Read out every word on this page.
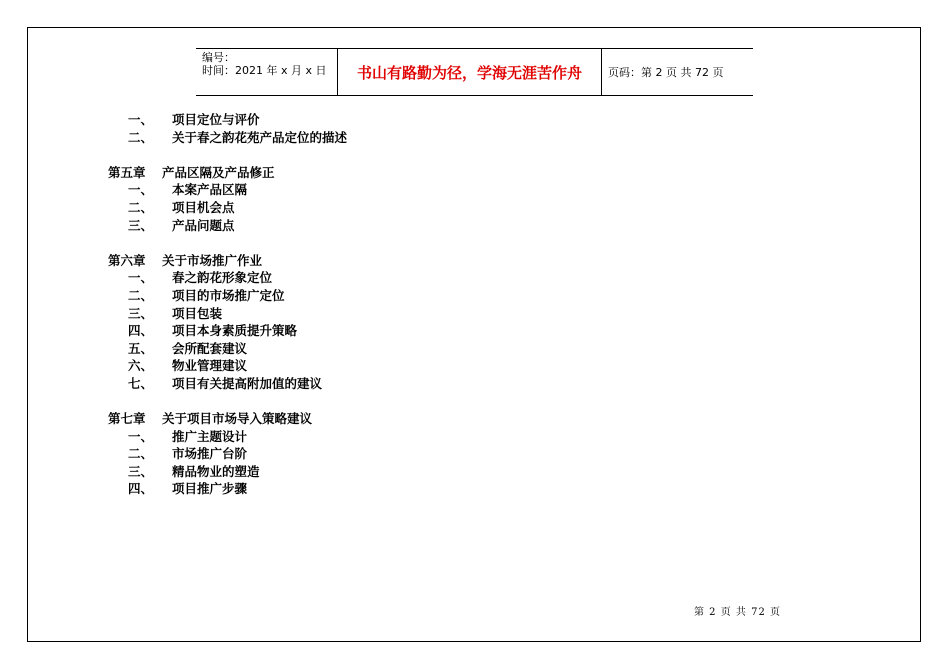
编号：
时间：2021 年 x 月 x 日	书山有路勤为径，学海无涯苦作舟	页码：第 2 页 共 72 页
一、 项目定位与评价
二、 关于春之韵花苑产品定位的描述
第五章 产品区隔及产品修正
一、 本案产品区隔
二、 项目机会点
三、 产品问题点
第六章 关于市场推广作业
一、 春之韵花形象定位
二、 项目的市场推广定位
三、 项目包装
四、 项目本身素质提升策略
五、 会所配套建议
六、 物业管理建议
七、 项目有关提高附加值的建议
第七章 关于项目市场导入策略建议
一、 推广主题设计
二、 市场推广台阶
三、 精品物业的塑造
四、 项目推广步骤
第 2 页 共 72 页
